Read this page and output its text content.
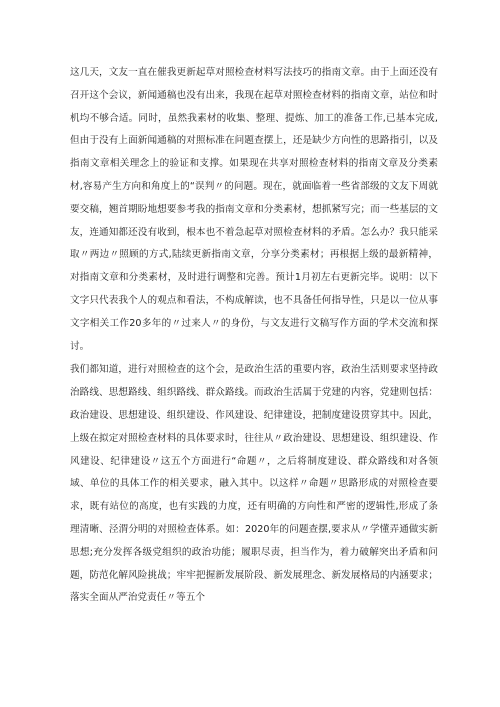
这几天，文友一直在催我更新起草对照检查材料写法技巧的指南文章。由于上面还没有召开这个会议，新闻通稿也没有出来，我现在起草对照检查材料的指南文章，站位和时机均不够合适。同时，虽然我素材的收集、整理、提炼、加工的准备工作,已基本完成,但由于没有上面新闻通稿的对照标准在问题查摆上，还是缺少方向性的思路指引，以及指南文章相关理念上的验证和支撑。如果现在共享对照检查材料的指南文章及分类素材,容易产生方向和角度上的“误判〃的问题。现在，就面临着一些省部级的文友下周就要交稿，翘首期盼地想要参考我的指南文章和分类素材，想抓紧写完；而一些基层的文友，连通知都还没有收到，根本也不着急起草对照检查材料的矛盾。怎么办？我只能采取〃两边〃照顾的方式,陆续更新指南文章，分享分类素材；再根据上级的最新精神，对指南文章和分类素材，及时进行调整和完善。预计1月初左右更新完毕。说明：以下文字只代表我个人的观点和看法，不构成解读，也不具备任何指导性，只是以一位从事文字相关工作20多年的〃过来人〃的身份，与文友进行文稿写作方面的学术交流和探讨。

我们都知道，进行对照检查的这个会，是政治生活的重要内容，政治生活则要求坚持政治路线、思想路线、组织路线、群众路线。而政治生活属于党建的内容，党建则包括：政治建设、思想建设、组织建设、作风建设、纪律建设，把制度建设贯穿其中。因此，上级在拟定对照检查材料的具体要求时，往往从〃政治建设、思想建设、组织建设、作风建设、纪律建设〃这五个方面进行“命题〃，之后将制度建设、群众路线和对各领域、单位的具体工作的相关要求，融入其中。以这样〃命题〃思路形成的对照检查要求，既有站位的高度，也有实践的力度，还有明确的方向性和严密的逻辑性,形成了条理清晰、泾渭分明的对照检查体系。如：2020年的问题查摆,要求从〃学懂弄通做实新思想;充分发挥各级党组织的政治功能；履职尽责，担当作为，着力破解突出矛盾和问题，防范化解风险挑战；牢牢把握新发展阶段、新发展理念、新发展格局的内涵要求；落实全面从严治党责任〃等五个
